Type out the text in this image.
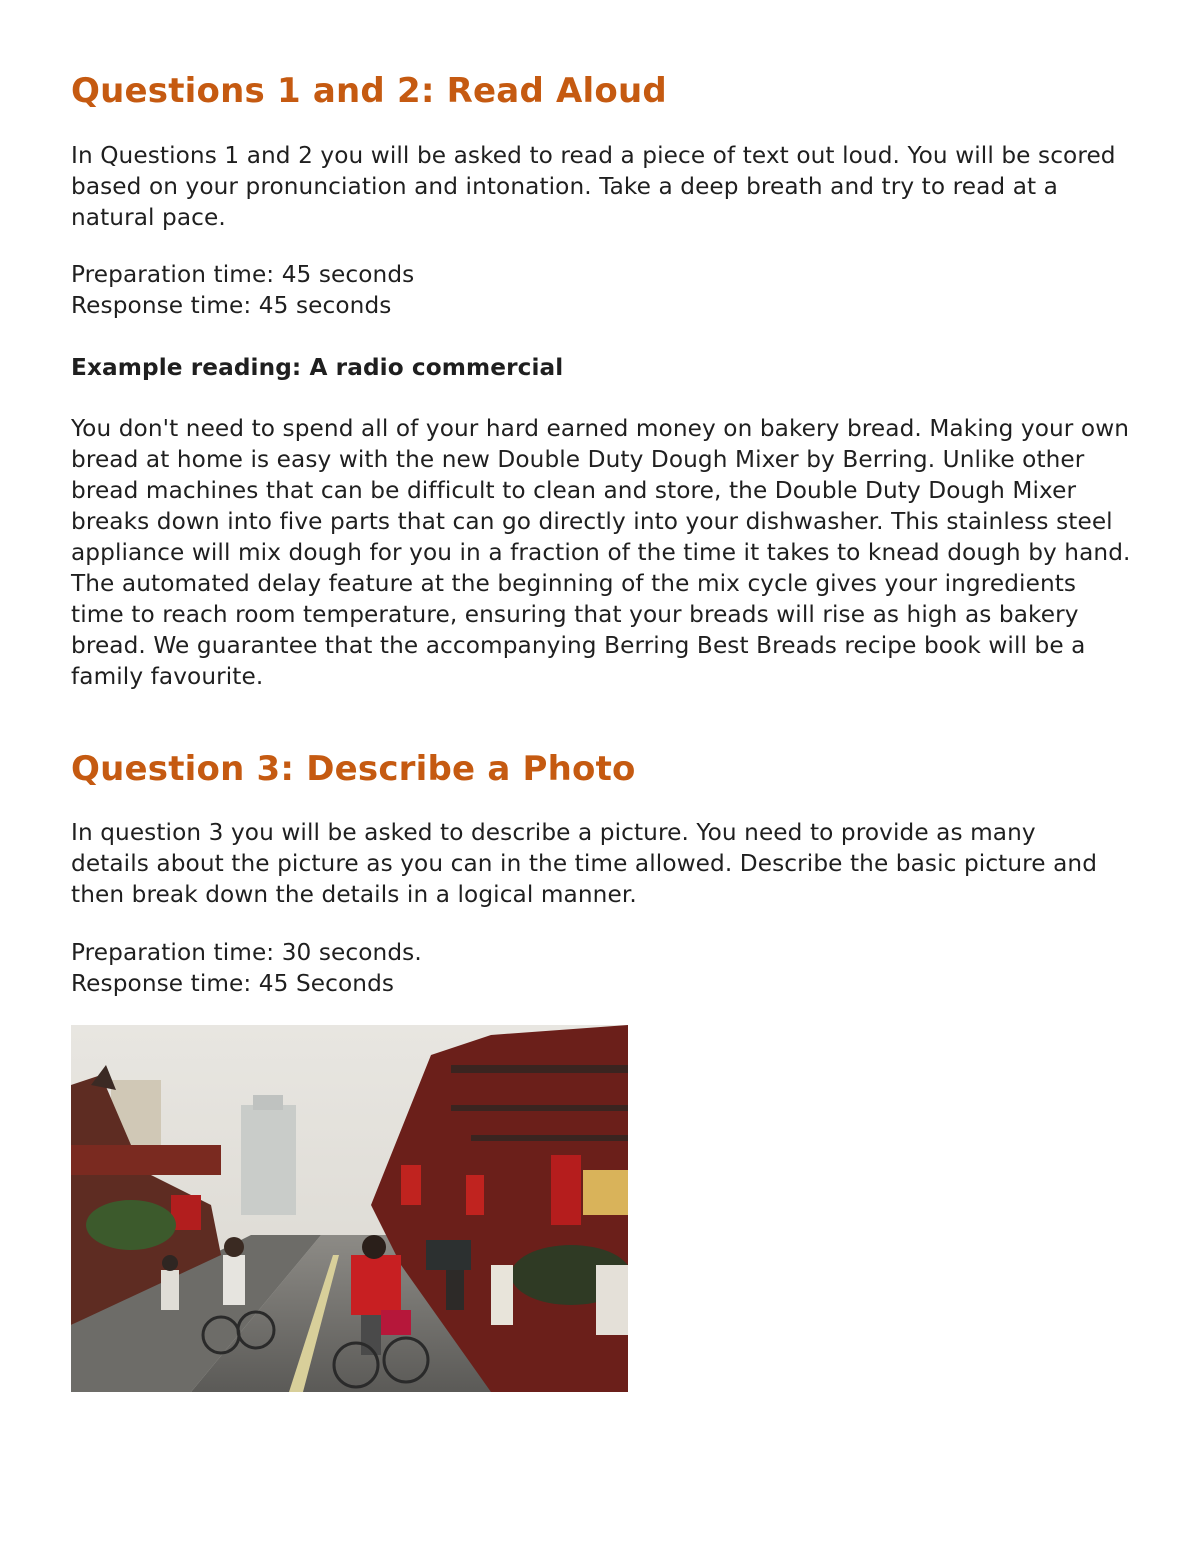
Questions 1 and 2: Read Aloud

In Questions 1 and 2 you will be asked to read a piece of text out loud. You will be scored based on your pronunciation and intonation. Take a deep breath and try to read at a natural pace.

Preparation time: 45 seconds

Response time: 45 seconds

Example reading: A radio commercial

You don't need to spend all of your hard earned money on bakery bread. Making your own bread at home is easy with the new Double Duty Dough Mixer by Berring. Unlike other bread machines that can be difficult to clean and store, the Double Duty Dough Mixer breaks down into five parts that can go directly into your dishwasher. This stainless steel appliance will mix dough for you in a fraction of the time it takes to knead dough by hand. The automated delay feature at the beginning of the mix cycle gives your ingredients time to reach room temperature, ensuring that your breads will rise as high as bakery bread. We guarantee that the accompanying Berring Best Breads recipe book will be a family favourite.

Question 3: Describe a Photo

In question 3 you will be asked to describe a picture. You need to provide as many details about the picture as you can in the time allowed. Describe the basic picture and then break down the details in a logical manner.

Preparation time: 30 seconds.

Response time: 45 Seconds
